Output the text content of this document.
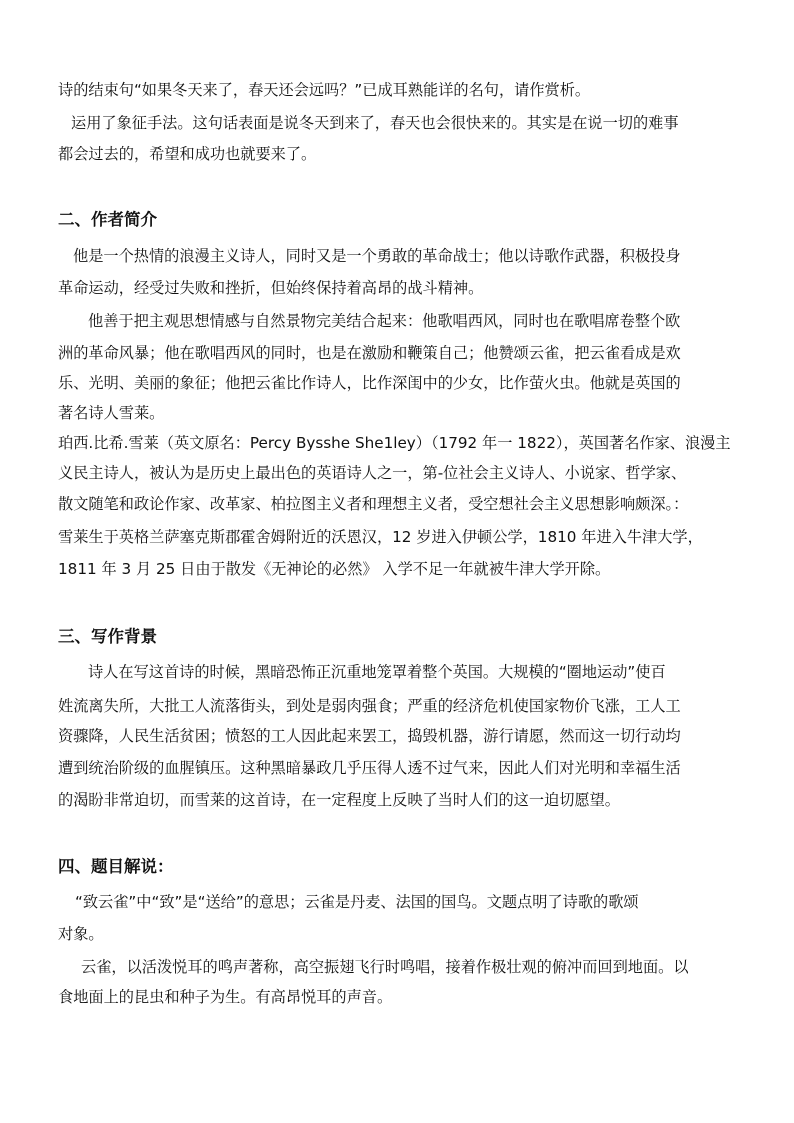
诗的结束句“如果冬天来了，春天还会远吗？”已成耳熟能详的名句，请作赏析。
运用了象征手法。这句话表面是说冬天到来了，春天也会很快来的。其实是在说一切的难事
都会过去的，希望和成功也就要来了。
二、作者简介
他是一个热情的浪漫主义诗人，同时又是一个勇敢的革命战士；他以诗歌作武器，积极投身
革命运动，经受过失败和挫折，但始终保持着高昂的战斗精神。
他善于把主观思想情感与自然景物完美结合起来：他歌唱西风，同时也在歌唱席卷整个欧
洲的革命风暴；他在歌唱西风的同时，也是在激励和鞭策自己；他赞颂云雀，把云雀看成是欢
乐、光明、美丽的象征；他把云雀比作诗人，比作深闺中的少女，比作萤火虫。他就是英国的
著名诗人雪莱。
珀西.比希.雪莱（英文原名：Percy Bysshe She1ley）（1792 年一 1822），英国著名作家、浪漫主
义民主诗人，被认为是历史上最出色的英语诗人之一，第-位社会主义诗人、小说家、哲学家、
散文随笔和政论作家、改革家、柏拉图主义者和理想主义者，受空想社会主义思想影响颇深。：
雪莱生于英格兰萨塞克斯郡霍舍姆附近的沃恩汉，12 岁进入伊顿公学，1810 年进入牛津大学，
1811 年 3 月 25 日由于散发《无神论的必然》 入学不足一年就被牛津大学开除。
三、写作背景
诗人在写这首诗的时候，黑暗恐怖正沉重地笼罩着整个英国。大规模的“圈地运动”使百
姓流离失所，大批工人流落街头，到处是弱肉强食；严重的经济危机使国家物价飞涨，工人工
资骤降，人民生活贫困；愤怒的工人因此起来罢工，捣毁机器，游行请愿，然而这一切行动均
遭到统治阶级的血腥镇压。这种黑暗暴政几乎压得人透不过气来，因此人们对光明和幸福生活
的渴盼非常迫切，而雪莱的这首诗，在一定程度上反映了当时人们的这一迫切愿望。
四、题目解说：
“致云雀”中“致”是“送给”的意思；云雀是丹麦、法国的国鸟。文题点明了诗歌的歌颂
对象。
云雀，以活泼悦耳的鸣声著称，高空振翅飞行时鸣唱，接着作极壮观的俯冲而回到地面。以
食地面上的昆虫和种子为生。有高昂悦耳的声音。
